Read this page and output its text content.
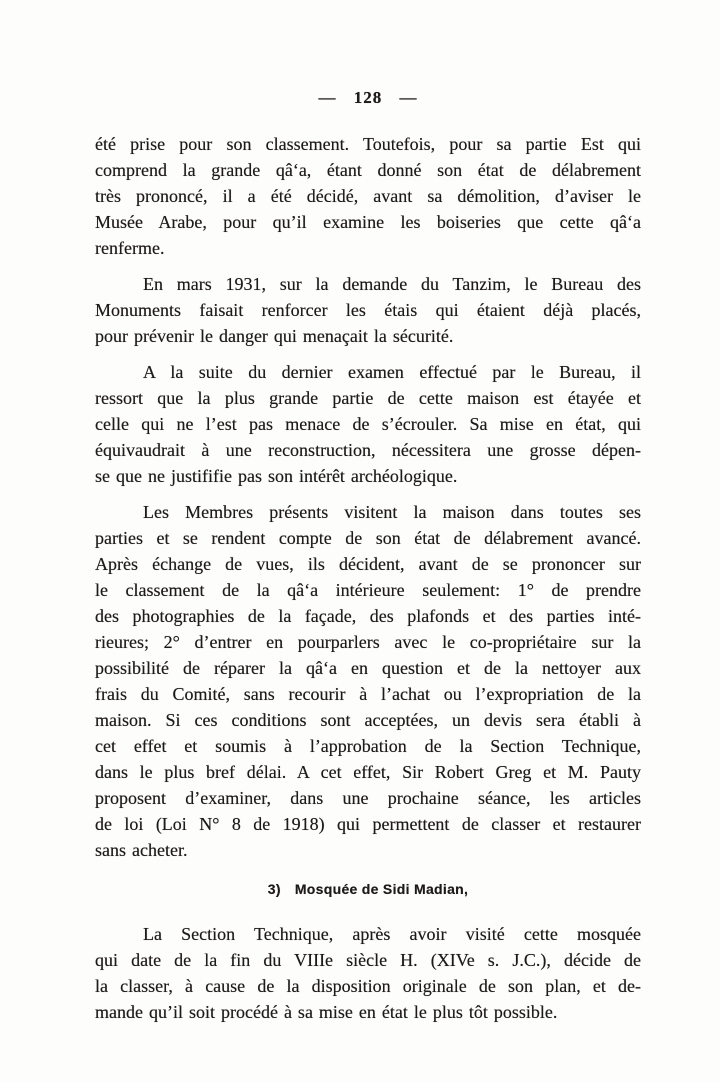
— 128 —
été prise pour son classement. Toutefois, pour sa partie Est qui
comprend la grande qâ‘a, étant donné son état de délabrement
très prononcé, il a été décidé, avant sa démolition, d’aviser le
Musée Arabe, pour qu’il examine les boiseries que cette qâ‘a
renferme.
En mars 1931, sur la demande du Tanzim, le Bureau des
Monuments faisait renforcer les étais qui étaient déjà placés,
pour prévenir le danger qui menaçait la sécurité.
A la suite du dernier examen effectué par le Bureau, il
ressort que la plus grande partie de cette maison est étayée et
celle qui ne l’est pas menace de s’écrouler. Sa mise en état, qui
équivaudrait à une reconstruction, nécessitera une grosse dépen-
se que ne justififie pas son intérêt archéologique.
Les Membres présents visitent la maison dans toutes ses
parties et se rendent compte de son état de délabrement avancé.
Après échange de vues, ils décident, avant de se prononcer sur
le classement de la qâ‘a intérieure seulement: 1° de prendre
des photographies de la façade, des plafonds et des parties inté-
rieures; 2° d’entrer en pourparlers avec le co-propriétaire sur la
possibilité de réparer la qâ‘a en question et de la nettoyer aux
frais du Comité, sans recourir à l’achat ou l’expropriation de la
maison. Si ces conditions sont acceptées, un devis sera établi à
cet effet et soumis à l’approbation de la Section Technique,
dans le plus bref délai. A cet effet, Sir Robert Greg et M. Pauty
proposent d’examiner, dans une prochaine séance, les articles
de loi (Loi N° 8 de 1918) qui permettent de classer et restaurer
sans acheter.
3) Mosquée de Sidi Madian,
La Section Technique, après avoir visité cette mosquée
qui date de la fin du VIIIe siècle H. (XIVe s. J.C.), décide de
la classer, à cause de la disposition originale de son plan, et de-
mande qu’il soit procédé à sa mise en état le plus tôt possible.
